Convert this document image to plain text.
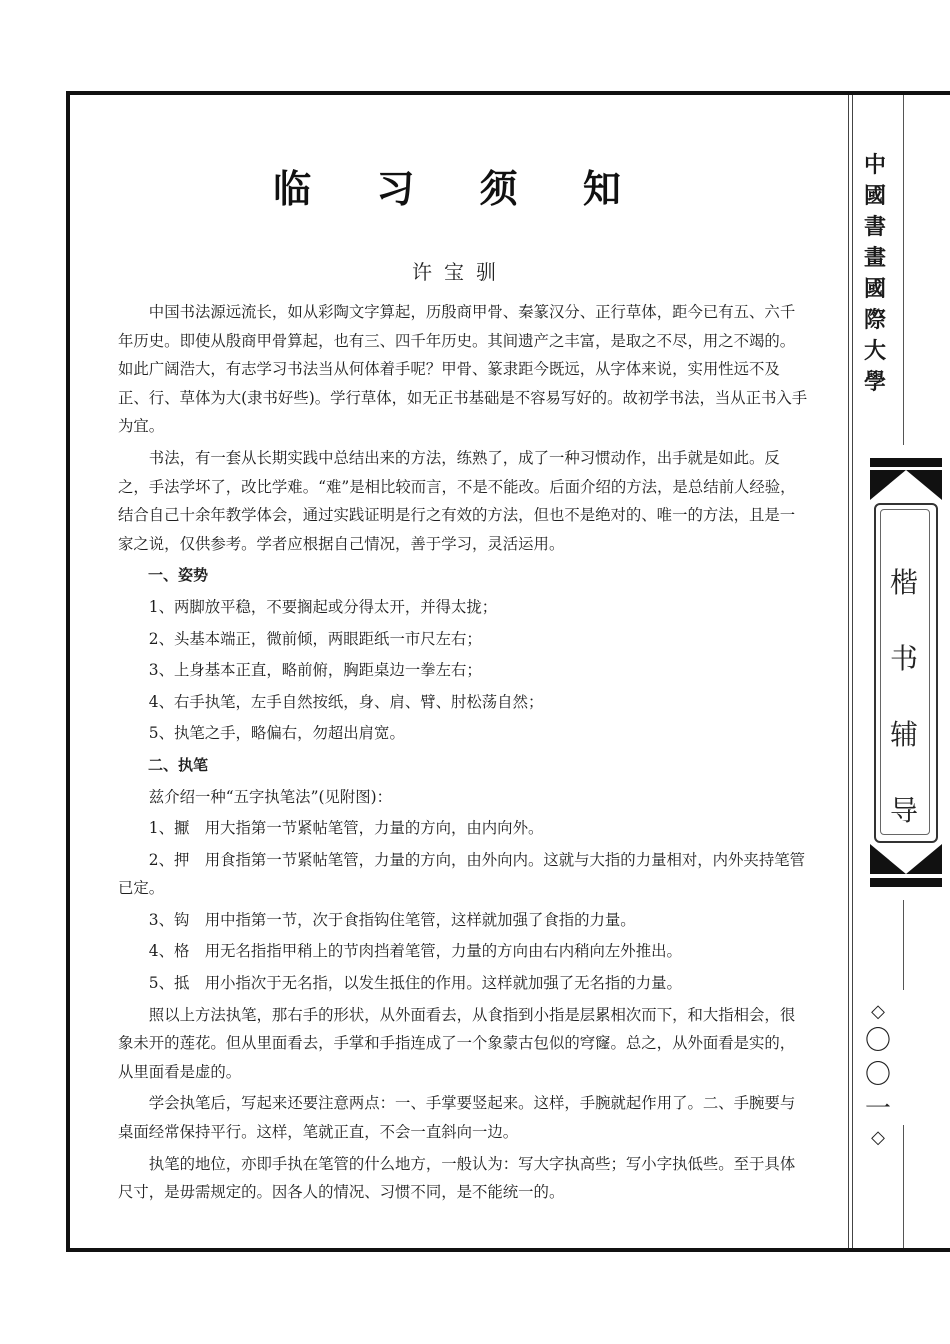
中
國
書
畫
國
際
大
學
楷
书
辅
导
◇
〇
〇
一
◇
临 习 须 知
许宝驯

中国书法源远流长，如从彩陶文字算起，历殷商甲骨、秦篆汉分、正行草体，距今已有五、六千年历史。即使从殷商甲骨算起，也有三、四千年历史。其间遗产之丰富，是取之不尽，用之不竭的。如此广阔浩大，有志学习书法当从何体着手呢？甲骨、篆隶距今既远，从字体来说，实用性远不及正、行、草体为大(隶书好些)。学行草体，如无正书基础是不容易写好的。故初学书法，当从正书入手为宜。

书法，有一套从长期实践中总结出来的方法，练熟了，成了一种习惯动作，出手就是如此。反之，手法学坏了，改比学难。“难”是相比较而言，不是不能改。后面介绍的方法，是总结前人经验，结合自己十余年教学体会，通过实践证明是行之有效的方法，但也不是绝对的、唯一的方法，且是一家之说，仅供参考。学者应根据自己情况，善于学习，灵活运用。

一、姿势

1、两脚放平稳，不要搁起或分得太开，并得太拢；

2、头基本端正，微前倾，两眼距纸一市尺左右；

3、上身基本正直，略前俯，胸距桌边一拳左右；

4、右手执笔，左手自然按纸，身、肩、臂、肘松荡自然；

5、执笔之手，略偏右，勿超出肩宽。

二、执笔

兹介绍一种“五字执笔法”(见附图)：

1、擫　用大指第一节紧帖笔管，力量的方向，由内向外。

2、押　用食指第一节紧帖笔管，力量的方向，由外向内。这就与大指的力量相对，内外夹持笔管已定。

3、钩　用中指第一节，次于食指钩住笔管，这样就加强了食指的力量。

4、格　用无名指指甲稍上的节肉挡着笔管，力量的方向由右内稍向左外推出。

5、抵　用小指次于无名指，以发生抵住的作用。这样就加强了无名指的力量。

照以上方法执笔，那右手的形状，从外面看去，从食指到小指是层累相次而下，和大指相会，很象未开的莲花。但从里面看去，手掌和手指连成了一个象蒙古包似的穹窿。总之，从外面看是实的，从里面看是虚的。

学会执笔后，写起来还要注意两点：一、手掌要竖起来。这样，手腕就起作用了。二、手腕要与桌面经常保持平行。这样，笔就正直，不会一直斜向一边。

执笔的地位，亦即手执在笔管的什么地方，一般认为：写大字执高些；写小字执低些。至于具体尺寸，是毋需规定的。因各人的情况、习惯不同，是不能统一的。
